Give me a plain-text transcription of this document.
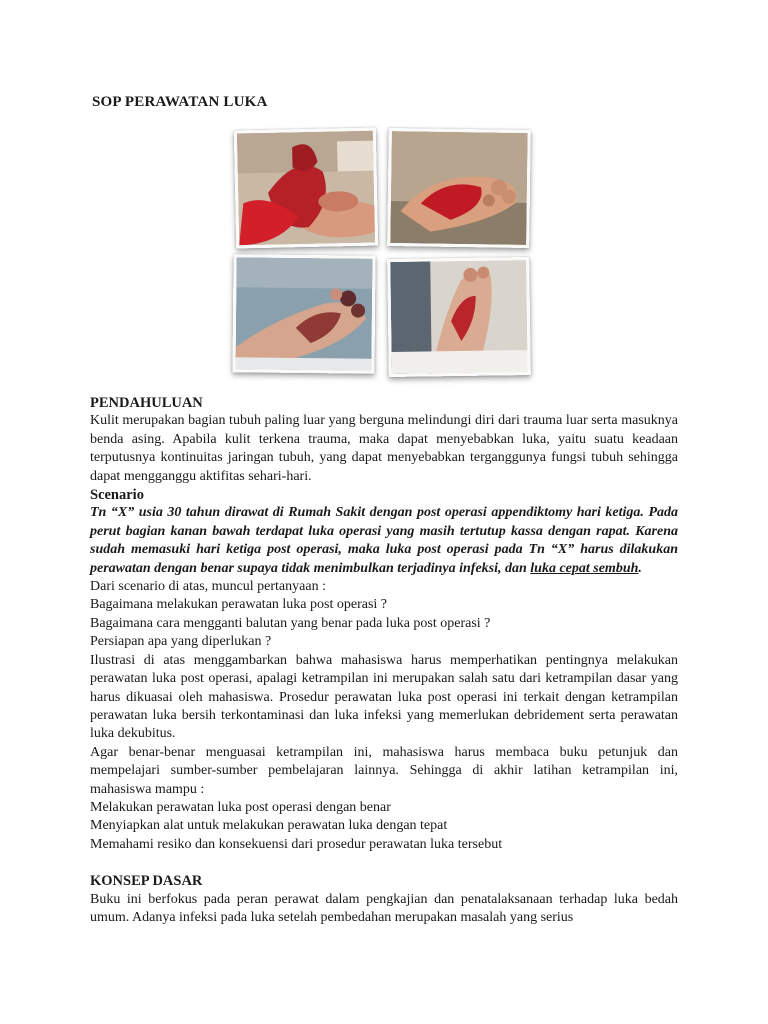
SOP PERAWATAN LUKA

PENDAHULUAN

Kulit merupakan bagian tubuh paling luar yang berguna melindungi diri dari trauma luar serta masuknya benda asing. Apabila kulit terkena trauma, maka dapat menyebabkan luka, yaitu suatu keadaan terputusnya kontinuitas jaringan tubuh, yang dapat menyebabkan terganggunya fungsi tubuh sehingga dapat mengganggu aktifitas sehari-hari.

Scenario

Tn “X” usia 30 tahun dirawat di Rumah Sakit dengan post operasi appendiktomy hari ketiga. Pada perut bagian kanan bawah terdapat luka operasi yang masih tertutup kassa dengan rapat. Karena sudah memasuki hari ketiga post operasi, maka luka post operasi pada Tn “X” harus dilakukan perawatan dengan benar supaya tidak menimbulkan terjadinya infeksi, dan luka cepat sembuh.

Dari scenario di atas, muncul pertanyaan :

Bagaimana melakukan perawatan luka post operasi ?

Bagaimana cara mengganti balutan yang benar pada luka post operasi ?

Persiapan apa yang diperlukan ?

Ilustrasi di atas menggambarkan bahwa mahasiswa harus memperhatikan pentingnya melakukan perawatan luka post operasi, apalagi ketrampilan ini merupakan salah satu dari ketrampilan dasar yang harus dikuasai oleh mahasiswa. Prosedur perawatan luka post operasi ini terkait dengan ketrampilan perawatan luka bersih terkontaminasi dan luka infeksi yang memerlukan debridement serta perawatan luka dekubitus.

Agar benar-benar menguasai ketrampilan ini, mahasiswa harus membaca buku petunjuk dan mempelajari sumber-sumber pembelajaran lainnya. Sehingga di akhir latihan ketrampilan ini, mahasiswa mampu :

Melakukan perawatan luka post operasi dengan benar

Menyiapkan alat untuk melakukan perawatan luka dengan tepat

Memahami resiko dan konsekuensi dari prosedur perawatan luka tersebut

KONSEP DASAR

Buku ini berfokus pada peran perawat dalam pengkajian dan penatalaksanaan terhadap luka bedah umum. Adanya infeksi pada luka setelah pembedahan merupakan masalah yang serius
